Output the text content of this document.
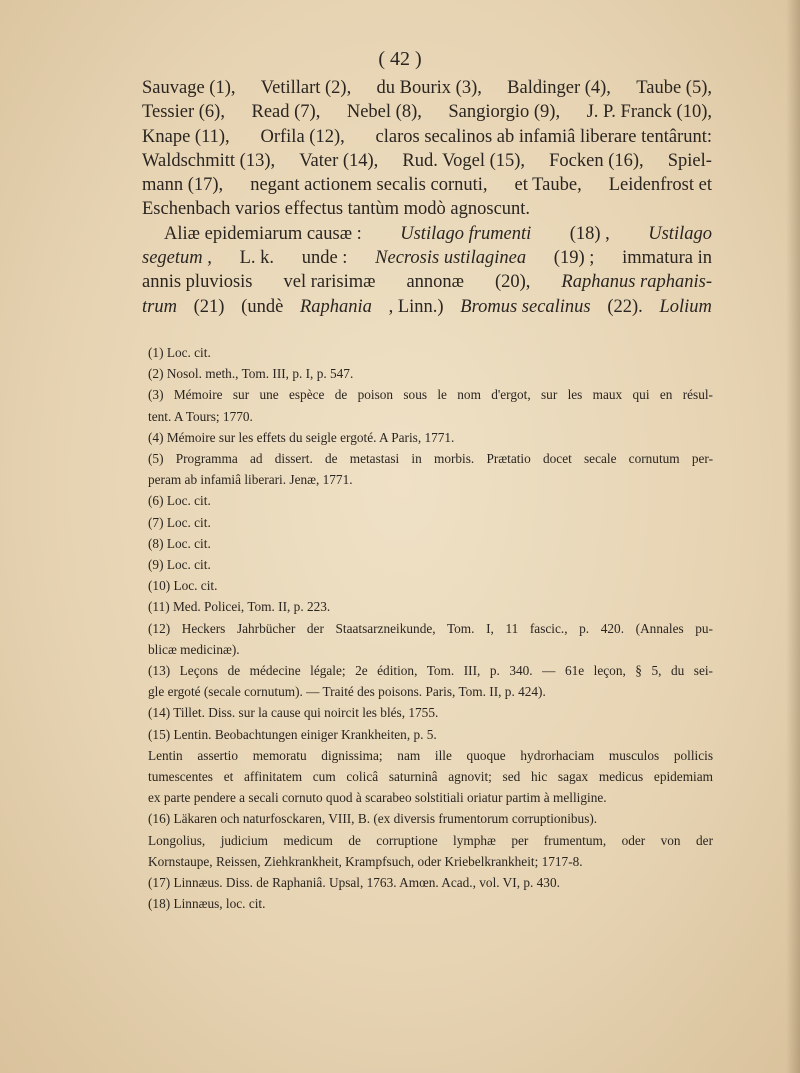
( 42 )
Sauvage (1), Vetillart (2), du Bourix (3), Baldinger (4), Taube (5),
Tessier (6), Read (7), Nebel (8), Sangiorgio (9), J. P. Franck (10),
Knape (11), Orfila (12), claros secalinos ab infamiâ liberare tentârunt:
Waldschmitt (13), Vater (14), Rud. Vogel (15), Focken (16), Spiel-
mann (17), negant actionem secalis cornuti, et Taube, Leidenfrost et
Eschenbach varios effectus tantùm modò agnoscunt.
Aliæ epidemiarum causæ : Ustilago frumenti (18) , Ustilago
segetum , L. k. unde : Necrosis ustilaginea (19) ; immatura in
annis pluviosis vel rarisimæ annonæ (20), Raphanus raphanis-
trum (21) (undè Raphania , Linn.) Bromus secalinus (22). Lolium
(1) Loc. cit.
(2) Nosol. meth., Tom. III, p. I, p. 547.
(3) Mémoire sur une espèce de poison sous le nom d'ergot, sur les maux qui en résul-
tent. A Tours; 1770.
(4) Mémoire sur les effets du seigle ergoté. A Paris, 1771.
(5) Programma ad dissert. de metastasi in morbis. Prætatio docet secale cornutum per-
peram ab infamiâ liberari. Jenæ, 1771.
(6) Loc. cit.
(7) Loc. cit.
(8) Loc. cit.
(9) Loc. cit.
(10) Loc. cit.
(11) Med. Policei, Tom. II, p. 223.
(12) Heckers Jahrbücher der Staatsarzneikunde, Tom. I, 11 fascic., p. 420. (Annales pu-
blicæ medicinæ).
(13) Leçons de médecine légale; 2e édition, Tom. III, p. 340. — 61e leçon, § 5, du sei-
gle ergoté (secale cornutum). — Traité des poisons. Paris, Tom. II, p. 424).
(14) Tillet. Diss. sur la cause qui noircit les blés, 1755.
(15) Lentin. Beobachtungen einiger Krankheiten, p. 5.
Lentin assertio memoratu dignissima; nam ille quoque hydrorhaciam musculos pollicis
tumescentes et affinitatem cum colicâ saturninâ agnovit; sed hic sagax medicus epidemiam
ex parte pendere a secali cornuto quod à scarabeo solstitiali oriatur partim à melligine.
(16) Läkaren och naturfosckaren, VIII, B. (ex diversis frumentorum corruptionibus).
Longolius, judicium medicum de corruptione lymphæ per frumentum, oder von der
Kornstaupe, Reissen, Ziehkrankheit, Krampfsuch, oder Kriebelkrankheit; 1717-8.
(17) Linnæus. Diss. de Raphaniâ. Upsal, 1763. Amœn. Acad., vol. VI, p. 430.
(18) Linnæus, loc. cit.
